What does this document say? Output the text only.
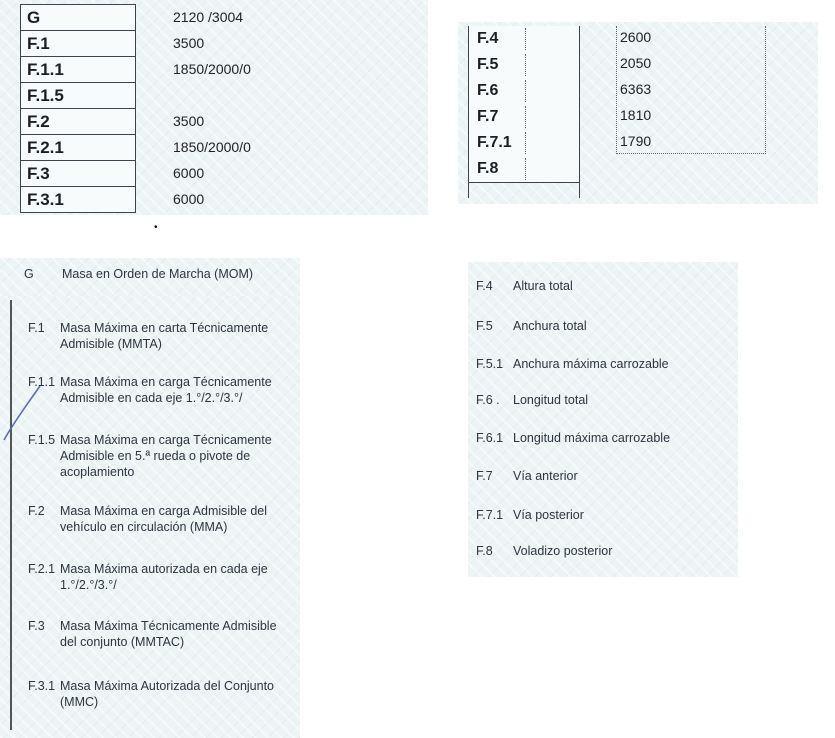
G	2120 /3004
F.1	3500
F.1.1	1850/2000/0
F.1.5
F.2	3500
F.2.1	1850/2000/0
F.3	6000
F.3.1	6000
F.4	2600
F.5	2050
F.6	6363
F.7	1810
F.7.1	1790
F.8
•
G	Masa en Orden de Marcha (MOM)
F.1	Masa Máxima en carta Técnicamente
Admisible (MMTA)
F.1.1 Masa Máxima en carga Técnicamente
Admisible en cada eje 1.°/2.°/3.°/
F.1.5 Masa Máxima en carga Técnicamente
Admisible en 5.ª rueda o pivote de
acoplamiento
F.2	Masa Máxima en carga Admisible del
vehículo en circulación (MMA)
F.2.1 Masa Máxima autorizada en cada eje
1.°/2.°/3.°/
F.3	Masa Máxima Técnicamente Admisible
del conjunto (MMTAC)
F.3.1 Masa Máxima Autorizada del Conjunto
(MMC)
F.4	Altura total
F.5	Anchura total
F.5.1 Anchura máxima carrozable
F.6 .	Longitud total
F.6.1 Longitud máxima carrozable
F.7	Vía anterior
F.7.1 Vía posterior
F.8	Voladizo posterior
